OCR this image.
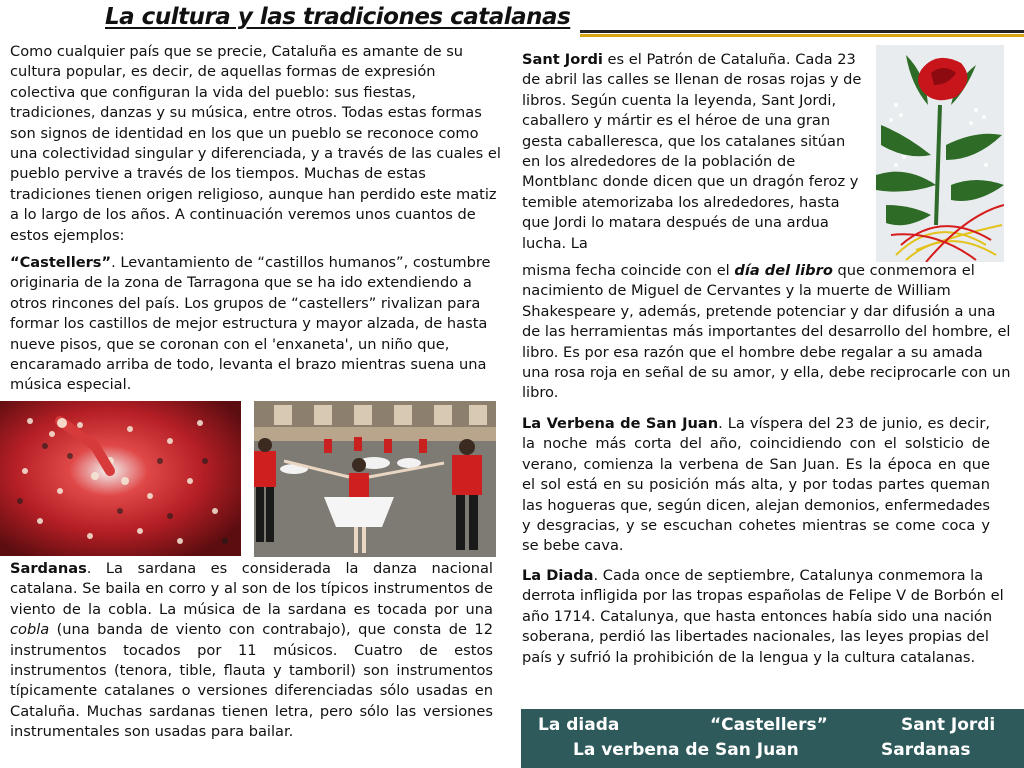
La cultura y las tradiciones catalanas
Como cualquier país que se precie, Cataluña es amante de su cultura popular, es decir, de aquellas formas de expresión colectiva que configuran la vida del pueblo: sus fiestas, tradiciones, danzas y su música, entre otros. Todas estas formas son signos de identidad en los que un pueblo se reconoce como una colectividad singular y diferenciada, y a través de las cuales el pueblo pervive a través de los tiempos. Muchas de estas tradiciones tienen origen religioso, aunque han perdido este matiz a lo largo de los años. A continuación veremos unos cuantos de estos ejemplos:
“Castellers”. Levantamiento de “castillos humanos”, costumbre originaria de la zona de Tarragona que se ha ido extendiendo a otros rincones del país. Los grupos de “castellers” rivalizan para formar los castillos de mejor estructura y mayor alzada, de hasta nueve pisos, que se coronan con el 'enxaneta', un niño que, encaramado arriba de todo, levanta el brazo mientras suena una música especial.
Sardanas. La sardana es considerada la danza nacional catalana. Se baila en corro y al son de los típicos instrumentos de viento de la cobla. La música de la sardana es tocada por una cobla (una banda de viento con contrabajo), que consta de 12 instrumentos tocados por 11 músicos. Cuatro de estos instrumentos (tenora, tible, flauta y tamboril) son instrumentos típicamente catalanes o versiones diferenciadas sólo usadas en Cataluña. Muchas sardanas tienen letra, pero sólo las versiones instrumentales son usadas para bailar.
Sant Jordi es el Patrón de Cataluña. Cada 23 de abril las calles se llenan de rosas rojas y de libros. Según cuenta la leyenda, Sant Jordi, caballero y mártir es el héroe de una gran gesta caballeresca, que los catalanes sitúan en los alrededores de la población de Montblanc donde dicen que un dragón feroz y temible atemorizaba los alrededores, hasta que Jordi lo matara después de una ardua lucha. La
misma fecha coincide con el día del libro que conmemora el nacimiento de Miguel de Cervantes y la muerte de William Shakespeare y, además, pretende potenciar y dar difusión a una de las herramientas más importantes del desarrollo del hombre, el libro. Es por esa razón que el hombre debe regalar a su amada una rosa roja en señal de su amor, y ella, debe reciprocarle con un libro.
La Verbena de San Juan. La víspera del 23 de junio, es decir, la noche más corta del año, coincidiendo con el solsticio de verano, comienza la verbena de San Juan. Es la época en que el sol está en su posición más alta, y por todas partes queman las hogueras que, según dicen, alejan demonios, enfermedades y desgracias, y se escuchan cohetes mientras se come coca y se bebe cava.
La Diada. Cada once de septiembre, Catalunya conmemora la derrota infligida por las tropas españolas de Felipe V de Borbón el año 1714. Catalunya, que hasta entonces había sido una nación soberana, perdió las libertades nacionales, las leyes propias del país y sufrió la prohibición de la lengua y la cultura catalanas.
La diada	“Castellers”	Sant Jordi
La verbena de San Juan	Sardanas
